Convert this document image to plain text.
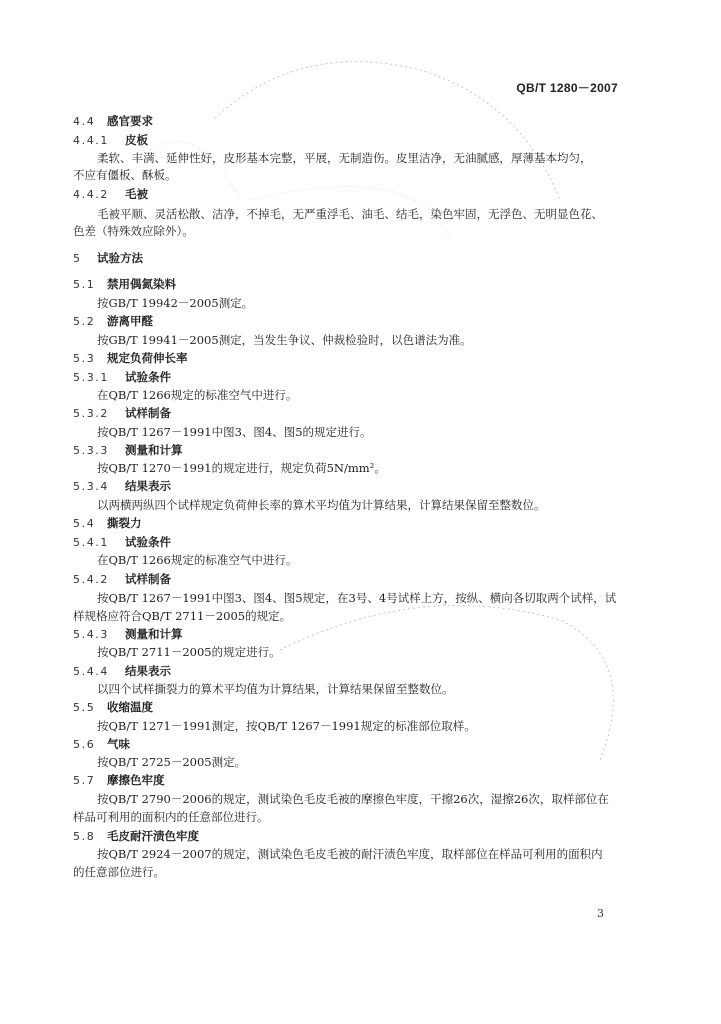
QB/T 1280－2007
4.4 感官要求
4.4.1 皮板
柔软、丰满、延伸性好，皮形基本完整，平展，无制造伤。皮里洁净，无油腻感，厚薄基本均匀，
不应有僵板、酥板。
4.4.2 毛被
毛被平顺、灵活松散、洁净，不掉毛，无严重浮毛、油毛、结毛，染色牢固，无浮色、无明显色花、
色差（特殊效应除外）。
5 试验方法
5.1 禁用偶氮染料
按GB/T 19942－2005测定。
5.2 游离甲醛
按GB/T 19941－2005测定，当发生争议、仲裁检验时，以色谱法为准。
5.3 规定负荷伸长率
5.3.1 试验条件
在QB/T 1266规定的标准空气中进行。
5.3.2 试样制备
按QB/T 1267－1991中图3、图4、图5的规定进行。
5.3.3 测量和计算
按QB/T 1270－1991的规定进行，规定负荷5N/mm²。
5.3.4 结果表示
以两横两纵四个试样规定负荷伸长率的算术平均值为计算结果，计算结果保留至整数位。
5.4 撕裂力
5.4.1 试验条件
在QB/T 1266规定的标准空气中进行。
5.4.2 试样制备
按QB/T 1267－1991中图3、图4、图5规定，在3号、4号试样上方，按纵、横向各切取两个试样，试
样规格应符合QB/T 2711－2005的规定。
5.4.3 测量和计算
按QB/T 2711－2005的规定进行。
5.4.4 结果表示
以四个试样撕裂力的算术平均值为计算结果，计算结果保留至整数位。
5.5 收缩温度
按QB/T 1271－1991测定，按QB/T 1267－1991规定的标准部位取样。
5.6 气味
按QB/T 2725－2005测定。
5.7 摩擦色牢度
按QB/T 2790－2006的规定，测试染色毛皮毛被的摩擦色牢度，干擦26次，湿擦26次，取样部位在
样品可利用的面积内的任意部位进行。
5.8 毛皮耐汗渍色牢度
按QB/T 2924－2007的规定，测试染色毛皮毛被的耐汗渍色牢度，取样部位在样品可利用的面积内
的任意部位进行。
3
